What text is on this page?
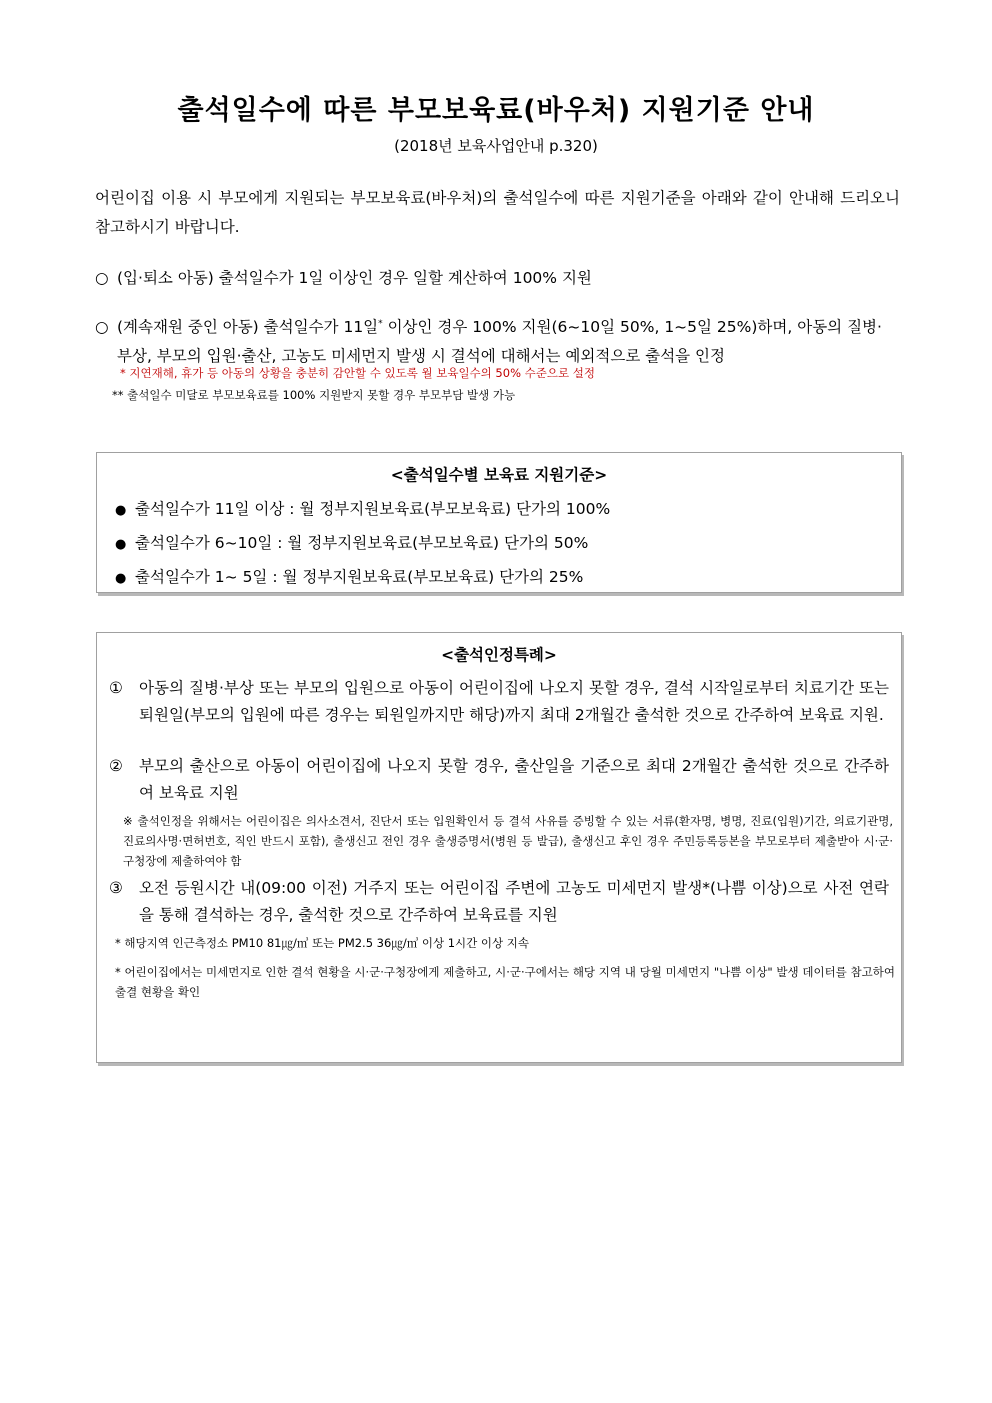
출석일수에 따른 부모보육료(바우처) 지원기준 안내
(2018년 보육사업안내 p.320)
어린이집 이용 시 부모에게 지원되는 부모보육료(바우처)의 출석일수에 따른 지원기준을 아래와 같이 안내해 드리오니 참고하시기 바랍니다.
○ (입·퇴소 아동) 출석일수가 1일 이상인 경우 일할 계산하여 100% 지원
○ (계속재원 중인 아동) 출석일수가 11일* 이상인 경우 100% 지원(6~10일 50%, 1~5일 25%)하며, 아동의 질병·
부상, 부모의 입원·출산, 고농도 미세먼지 발생 시 결석에 대해서는 예외적으로 출석을 인정
* 지연재해, 휴가 등 아동의 상황을 충분히 감안할 수 있도록 월 보육일수의 50% 수준으로 설정
** 출석일수 미달로 부모보육료를 100% 지원받지 못할 경우 부모부담 발생 가능
<출석일수별 보육료 지원기준>
● 출석일수가 11일 이상 : 월 정부지원보육료(부모보육료) 단가의 100%
● 출석일수가 6~10일 : 월 정부지원보육료(부모보육료) 단가의 50%
● 출석일수가 1~ 5일 : 월 정부지원보육료(부모보육료) 단가의 25%
<출석인정특례>
①	아동의 질병·부상 또는 부모의 입원으로 아동이 어린이집에 나오지 못할 경우, 결석 시작일로부터 치료기간 또는 퇴원일(부모의 입원에 따른 경우는 퇴원일까지만 해당)까지 최대 2개월간 출석한 것으로 간주하여 보육료 지원.
②	부모의 출산으로 아동이 어린이집에 나오지 못할 경우, 출산일을 기준으로 최대 2개월간 출석한 것으로 간주하여 보육료 지원
※ 출석인정을 위해서는 어린이집은 의사소견서, 진단서 또는 입원확인서 등 결석 사유를 증빙할 수 있는 서류(환자명, 병명, 진료(입원)기간, 의료기관명, 진료의사명·면허번호, 직인 반드시 포함), 출생신고 전인 경우 출생증명서(병원 등 발급), 출생신고 후인 경우 주민등록등본을 부모로부터 제출받아 시·군·구청장에 제출하여야 함
③	오전 등원시간 내(09:00 이전) 거주지 또는 어린이집 주변에 고농도 미세먼지 발생*(나쁨 이상)으로 사전 연락을 통해 결석하는 경우, 출석한 것으로 간주하여 보육료를 지원
* 해당지역 인근측정소 PM10 81㎍/㎥ 또는 PM2.5 36㎍/㎥ 이상 1시간 이상 지속
* 어린이집에서는 미세먼지로 인한 결석 현황을 시·군·구청장에게 제출하고, 시·군·구에서는 해당 지역 내 당월 미세먼지 "나쁨 이상" 발생 데이터를 참고하여 출결 현황을 확인
